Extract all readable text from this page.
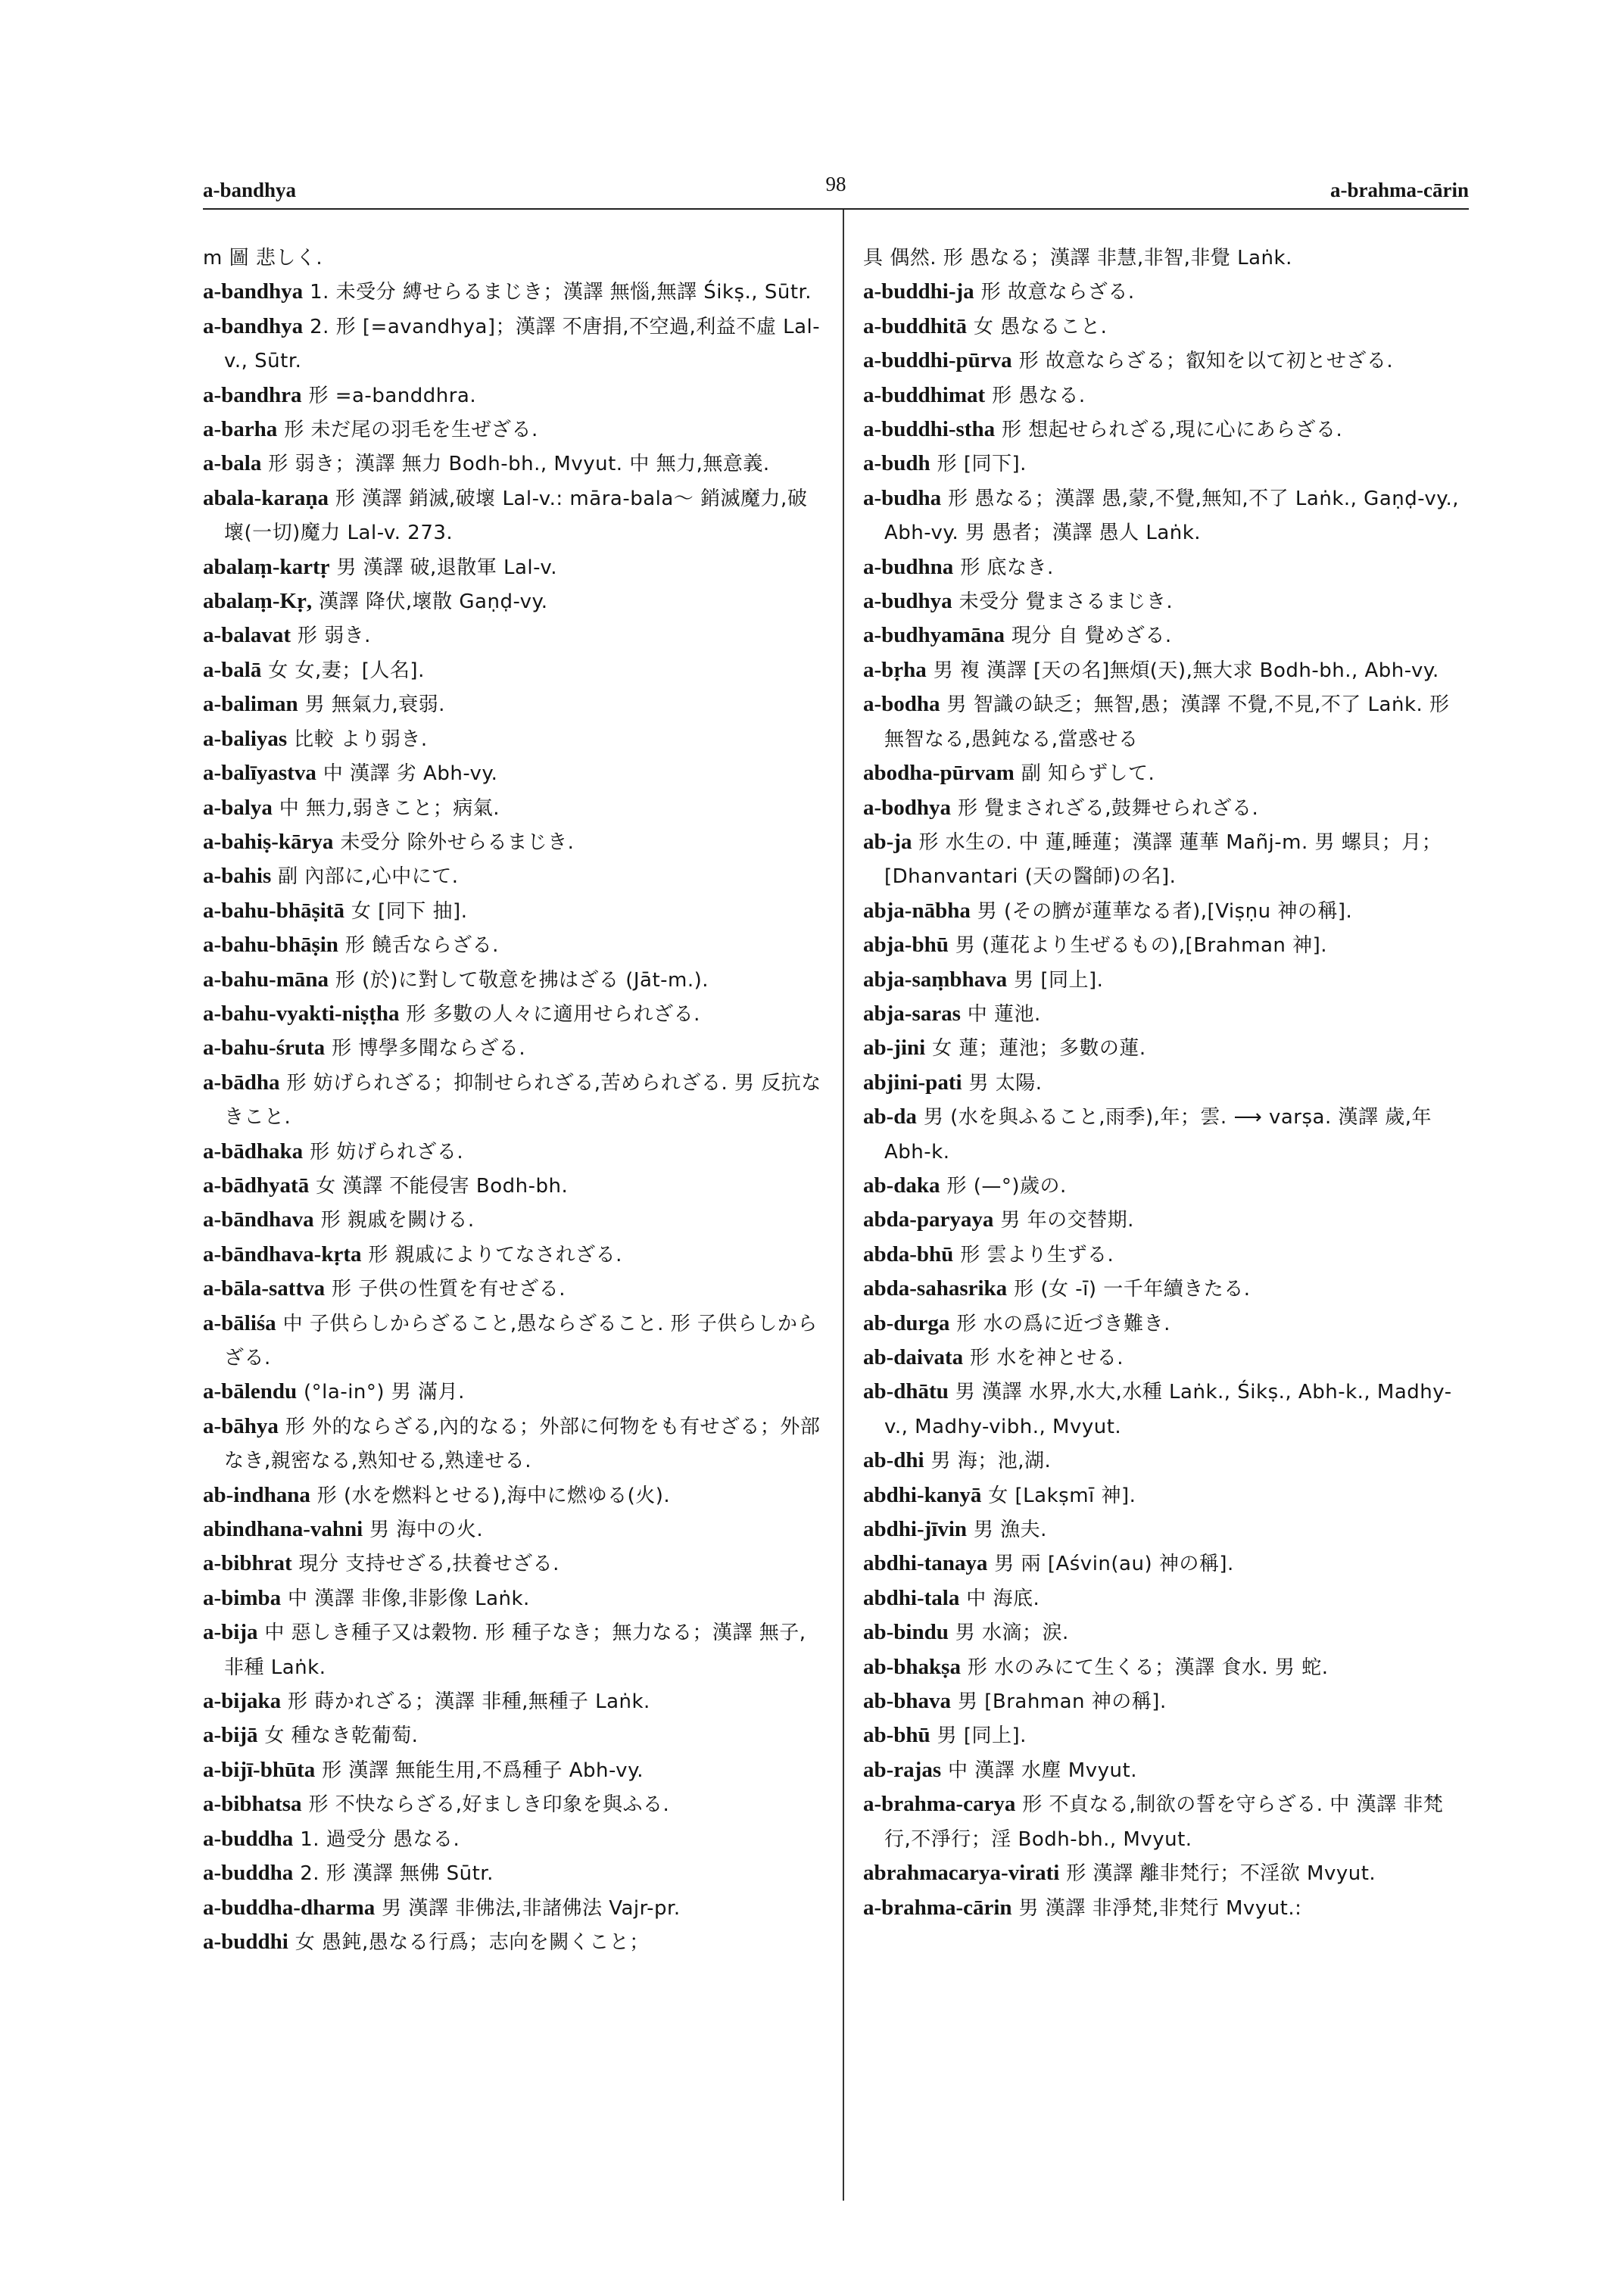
a-bandhya	98	a-brahma-cārin

m 圖 悲しく.

a-bandhya 1. 未受分 縛せらるまじき；漢譯 無惱,無譯 Śikṣ., Sūtr.

a-bandhya 2. 形 [=avandhya]；漢譯 不唐捐,不空過,利益不虛 Lal-v., Sūtr.

a-bandhra 形 =a-banddhra.

a-barha 形 未だ尾の羽毛を生ぜざる.

a-bala 形 弱き；漢譯 無力 Bodh-bh., Mvyut. 中 無力,無意義.

abala-karaṇa 形 漢譯 銷滅,破壞 Lal-v.: māra-bala～ 銷滅魔力,破壞(一切)魔力 Lal-v. 273.

abalaṃ-kartṛ 男 漢譯 破,退散軍 Lal-v.

abalaṃ-Kṛ, 漢譯 降伏,壞散 Gaṇḍ-vy.

a-balavat 形 弱き.

a-balā 女 女,妻；[人名].

a-baliman 男 無氣力,衰弱.

a-baliyas 比較 より弱き.

a-balīyastva 中 漢譯 劣 Abh-vy.

a-balya 中 無力,弱きこと；病氣.

a-bahiṣ-kārya 未受分 除外せらるまじき.

a-bahis 副 內部に,心中にて.

a-bahu-bhāṣitā 女 [同下 抽].

a-bahu-bhāṣin 形 饒舌ならざる.

a-bahu-māna 形 (於)に對して敬意を拂はざる (Jāt-m.).

a-bahu-vyakti-niṣṭha 形 多數の人々に適用せられざる.

a-bahu-śruta 形 博學多聞ならざる.

a-bādha 形 妨げられざる；抑制せられざる,苦められざる. 男 反抗なきこと.

a-bādhaka 形 妨げられざる.

a-bādhyatā 女 漢譯 不能侵害 Bodh-bh.

a-bāndhava 形 親戚を闕ける.

a-bāndhava-kṛta 形 親戚によりてなされざる.

a-bāla-sattva 形 子供の性質を有せざる.

a-bāliśa 中 子供らしからざること,愚ならざること. 形 子供らしからざる.

a-bālendu (°la-in°) 男 滿月.

a-bāhya 形 外的ならざる,內的なる；外部に何物をも有せざる；外部なき,親密なる,熟知せる,熟達せる.

ab-indhana 形 (水を燃料とせる),海中に燃ゆる(火).

abindhana-vahni 男 海中の火.

a-bibhrat 現分 支持せざる,扶養せざる.

a-bimba 中 漢譯 非像,非影像 Laṅk.

a-bija 中 惡しき種子又は穀物. 形 種子なき；無力なる；漢譯 無子,非種 Laṅk.

a-bijaka 形 蒔かれざる；漢譯 非種,無種子 Laṅk.

a-bijā 女 種なき乾葡萄.

a-bijī-bhūta 形 漢譯 無能生用,不爲種子 Abh-vy.

a-bibhatsa 形 不快ならざる,好ましき印象を與ふる.

a-buddha 1. 過受分 愚なる.

a-buddha 2. 形 漢譯 無佛 Sūtr.

a-buddha-dharma 男 漢譯 非佛法,非諸佛法 Vajr-pr.

a-buddhi 女 愚鈍,愚なる行爲；志向を闕くこと；

具 偶然. 形 愚なる；漢譯 非慧,非智,非覺 Laṅk.

a-buddhi-ja 形 故意ならざる.

a-buddhitā 女 愚なること.

a-buddhi-pūrva 形 故意ならざる；叡知を以て初とせざる.

a-buddhimat 形 愚なる.

a-buddhi-stha 形 想起せられざる,現に心にあらざる.

a-budh 形 [同下].

a-budha 形 愚なる；漢譯 愚,蒙,不覺,無知,不了 Laṅk., Gaṇḍ-vy., Abh-vy. 男 愚者；漢譯 愚人 Laṅk.

a-budhna 形 底なき.

a-budhya 未受分 覺まさるまじき.

a-budhyamāna 現分 自 覺めざる.

a-bṛha 男 複 漢譯 [天の名]無煩(天),無大求 Bodh-bh., Abh-vy.

a-bodha 男 智識の缺乏；無智,愚；漢譯 不覺,不見,不了 Laṅk. 形 無智なる,愚鈍なる,當惑せる

abodha-pūrvam 副 知らずして.

a-bodhya 形 覺まされざる,鼓舞せられざる.

ab-ja 形 水生の. 中 蓮,睡蓮；漢譯 蓮華 Mañj-m. 男 螺貝；月；[Dhanvantari (天の醫師)の名].

abja-nābha 男 (その臍が蓮華なる者),[Viṣṇu 神の稱].

abja-bhū 男 (蓮花より生ぜるもの),[Brahman 神].

abja-saṃbhava 男 [同上].

abja-saras 中 蓮池.

ab-jini 女 蓮；蓮池；多數の蓮.

abjini-pati 男 太陽.

ab-da 男 (水を與ふること,雨季),年；雲. ⟶ varṣa. 漢譯 歲,年 Abh-k.

ab-daka 形 (—°)歲の.

abda-paryaya 男 年の交替期.

abda-bhū 形 雲より生ずる.

abda-sahasrika 形 (女 -ī) 一千年續きたる.

ab-durga 形 水の爲に近づき難き.

ab-daivata 形 水を神とせる.

ab-dhātu 男 漢譯 水界,水大,水種 Laṅk., Śikṣ., Abh-k., Madhy-v., Madhy-vibh., Mvyut.

ab-dhi 男 海；池,湖.

abdhi-kanyā 女 [Lakṣmī 神].

abdhi-jīvin 男 漁夫.

abdhi-tanaya 男 兩 [Aśvin(au) 神の稱].

abdhi-tala 中 海底.

ab-bindu 男 水滴；涙.

ab-bhakṣa 形 水のみにて生くる；漢譯 食水. 男 蛇.

ab-bhava 男 [Brahman 神の稱].

ab-bhū 男 [同上].

ab-rajas 中 漢譯 水塵 Mvyut.

a-brahma-carya 形 不貞なる,制欲の誓を守らざる. 中 漢譯 非梵行,不淨行；淫 Bodh-bh., Mvyut.

abrahmacarya-virati 形 漢譯 離非梵行；不淫欲 Mvyut.

a-brahma-cārin 男 漢譯 非淨梵,非梵行 Mvyut.:
